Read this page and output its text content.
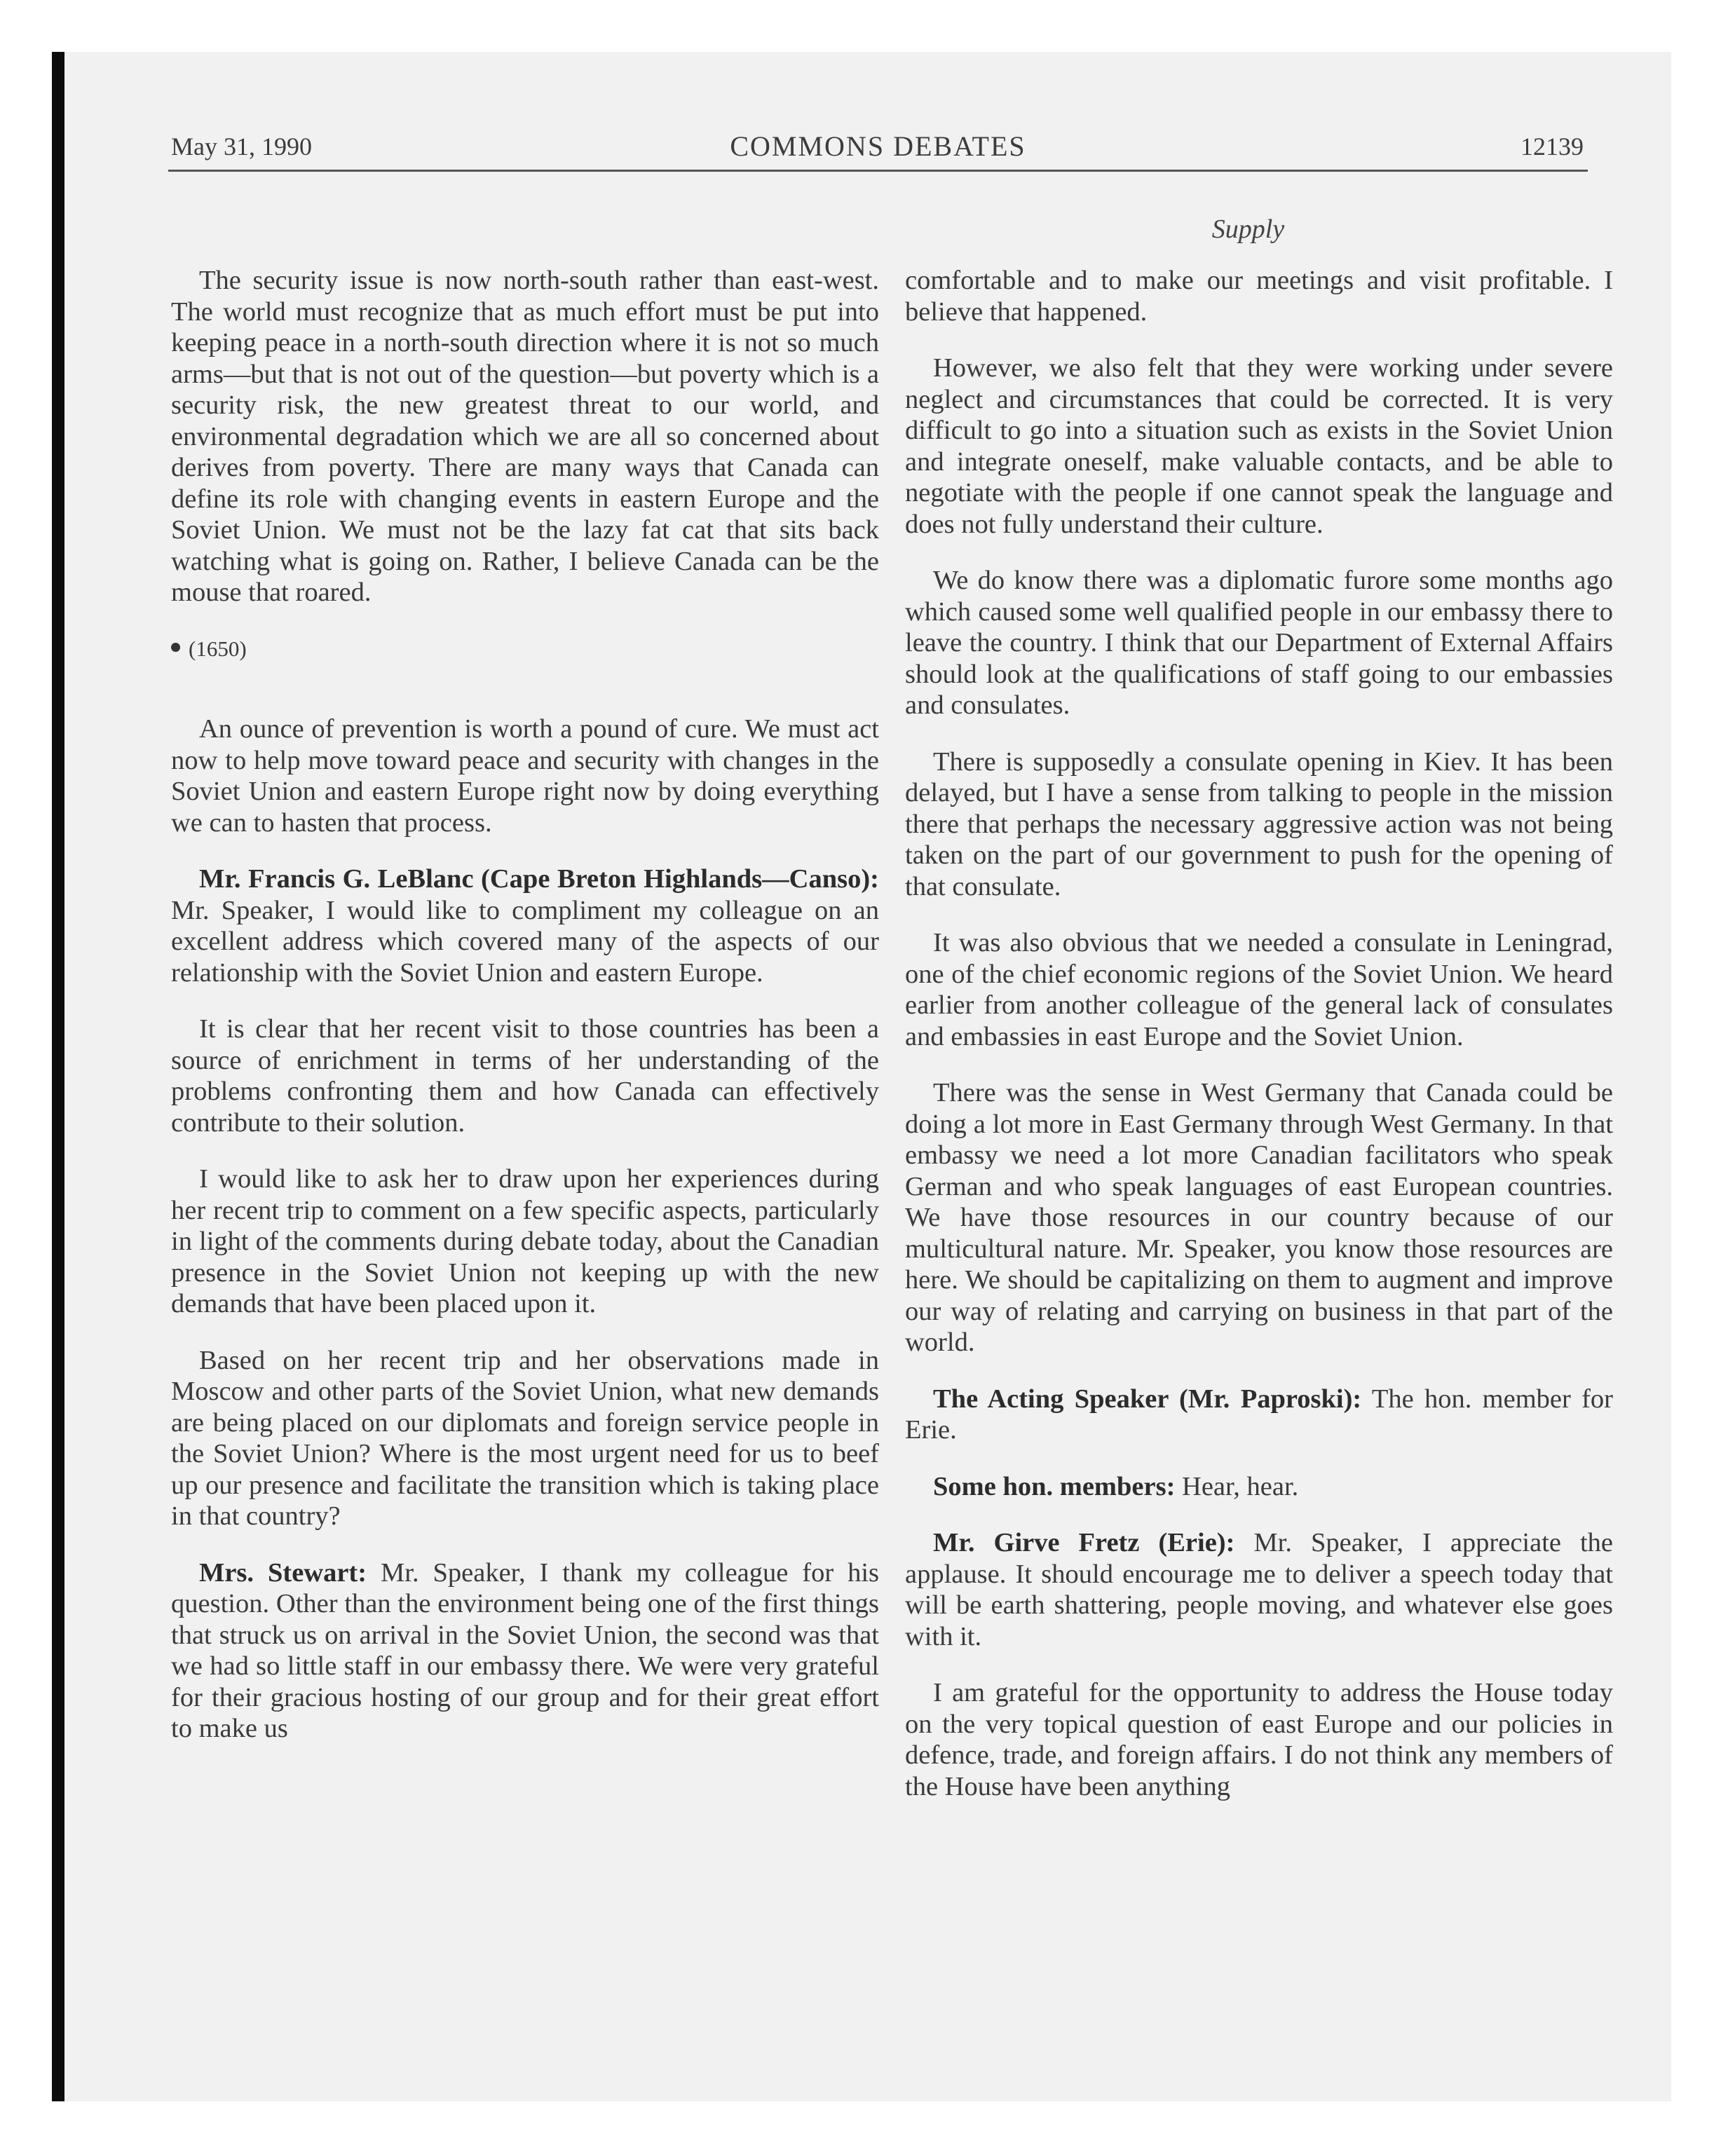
May 31, 1990	COMMONS DEBATES	12139
Supply

The security issue is now north-south rather than east-west. The world must recognize that as much effort must be put into keeping peace in a north-south direction where it is not so much arms—but that is not out of the question—but poverty which is a security risk, the new greatest threat to our world, and environmental degradation which we are all so concerned about derives from poverty. There are many ways that Canada can define its role with changing events in eastern Europe and the Soviet Union. We must not be the lazy fat cat that sits back watching what is going on. Rather, I believe Canada can be the mouse that roared.

(1650)

An ounce of prevention is worth a pound of cure. We must act now to help move toward peace and security with changes in the Soviet Union and eastern Europe right now by doing everything we can to hasten that process.

Mr. Francis G. LeBlanc (Cape Breton Highlands—Canso): Mr. Speaker, I would like to compliment my colleague on an excellent address which covered many of the aspects of our relationship with the Soviet Union and eastern Europe.

It is clear that her recent visit to those countries has been a source of enrichment in terms of her understanding of the problems confronting them and how Canada can effectively contribute to their solution.

I would like to ask her to draw upon her experiences during her recent trip to comment on a few specific aspects, particularly in light of the comments during debate today, about the Canadian presence in the Soviet Union not keeping up with the new demands that have been placed upon it.

Based on her recent trip and her observations made in Moscow and other parts of the Soviet Union, what new demands are being placed on our diplomats and foreign service people in the Soviet Union? Where is the most urgent need for us to beef up our presence and facilitate the transition which is taking place in that country?

Mrs. Stewart: Mr. Speaker, I thank my colleague for his question. Other than the environment being one of the first things that struck us on arrival in the Soviet Union, the second was that we had so little staff in our embassy there. We were very grateful for their gracious hosting of our group and for their great effort to make us

comfortable and to make our meetings and visit profitable. I believe that happened.

However, we also felt that they were working under severe neglect and circumstances that could be corrected. It is very difficult to go into a situation such as exists in the Soviet Union and integrate oneself, make valuable contacts, and be able to negotiate with the people if one cannot speak the language and does not fully understand their culture.

We do know there was a diplomatic furore some months ago which caused some well qualified people in our embassy there to leave the country. I think that our Department of External Affairs should look at the qualifications of staff going to our embassies and consulates.

There is supposedly a consulate opening in Kiev. It has been delayed, but I have a sense from talking to people in the mission there that perhaps the necessary aggressive action was not being taken on the part of our government to push for the opening of that consulate.

It was also obvious that we needed a consulate in Leningrad, one of the chief economic regions of the Soviet Union. We heard earlier from another colleague of the general lack of consulates and embassies in east Europe and the Soviet Union.

There was the sense in West Germany that Canada could be doing a lot more in East Germany through West Germany. In that embassy we need a lot more Canadian facilitators who speak German and who speak languages of east European countries. We have those resources in our country because of our multicultural nature. Mr. Speaker, you know those resources are here. We should be capitalizing on them to augment and improve our way of relating and carrying on business in that part of the world.

The Acting Speaker (Mr. Paproski): The hon. member for Erie.

Some hon. members: Hear, hear.

Mr. Girve Fretz (Erie): Mr. Speaker, I appreciate the applause. It should encourage me to deliver a speech today that will be earth shattering, people moving, and whatever else goes with it.

I am grateful for the opportunity to address the House today on the very topical question of east Europe and our policies in defence, trade, and foreign affairs. I do not think any members of the House have been anything
